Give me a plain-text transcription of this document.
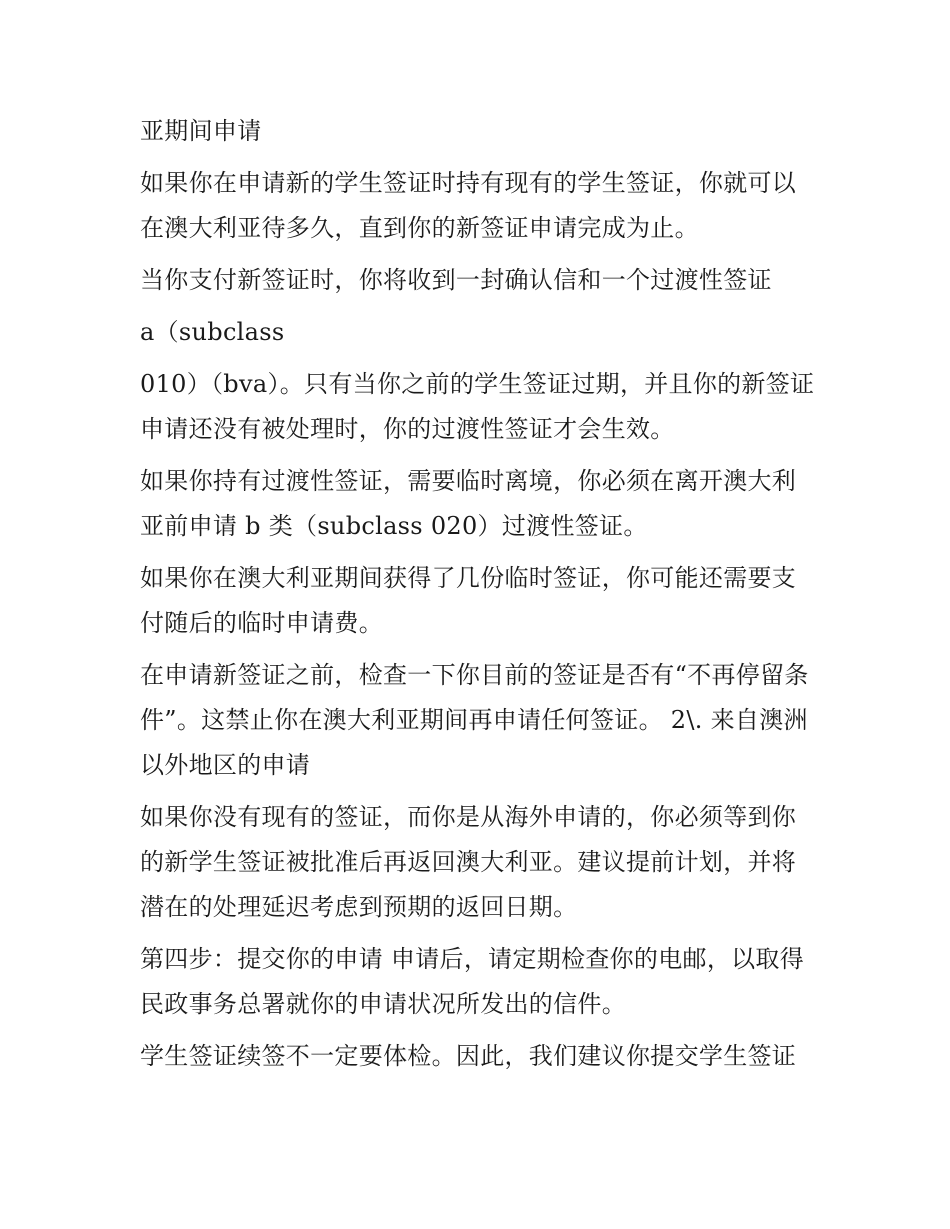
亚期间申请

如果你在申请新的学生签证时持有现有的学生签证，你就可以在澳大利亚待多久，直到你的新签证申请完成为止。

当你支付新签证时，你将收到一封确认信和一个过渡性签证

a（subclass

010）（bva）。只有当你之前的学生签证过期，并且你的新签证申请还没有被处理时，你的过渡性签证才会生效。

如果你持有过渡性签证，需要临时离境，你必须在离开澳大利亚前申请 b 类（subclass 020）过渡性签证。

如果你在澳大利亚期间获得了几份临时签证，你可能还需要支付随后的临时申请费。

在申请新签证之前，检查一下你目前的签证是否有“不再停留条件”。这禁止你在澳大利亚期间再申请任何签证。 2\. 来自澳洲以外地区的申请

如果你没有现有的签证，而你是从海外申请的，你必须等到你的新学生签证被批准后再返回澳大利亚。建议提前计划，并将潜在的处理延迟考虑到预期的返回日期。

第四步：提交你的申请 申请后，请定期检查你的电邮，以取得民政事务总署就你的申请状况所发出的信件。

学生签证续签不一定要体检。因此，我们建议你提交学生签证
